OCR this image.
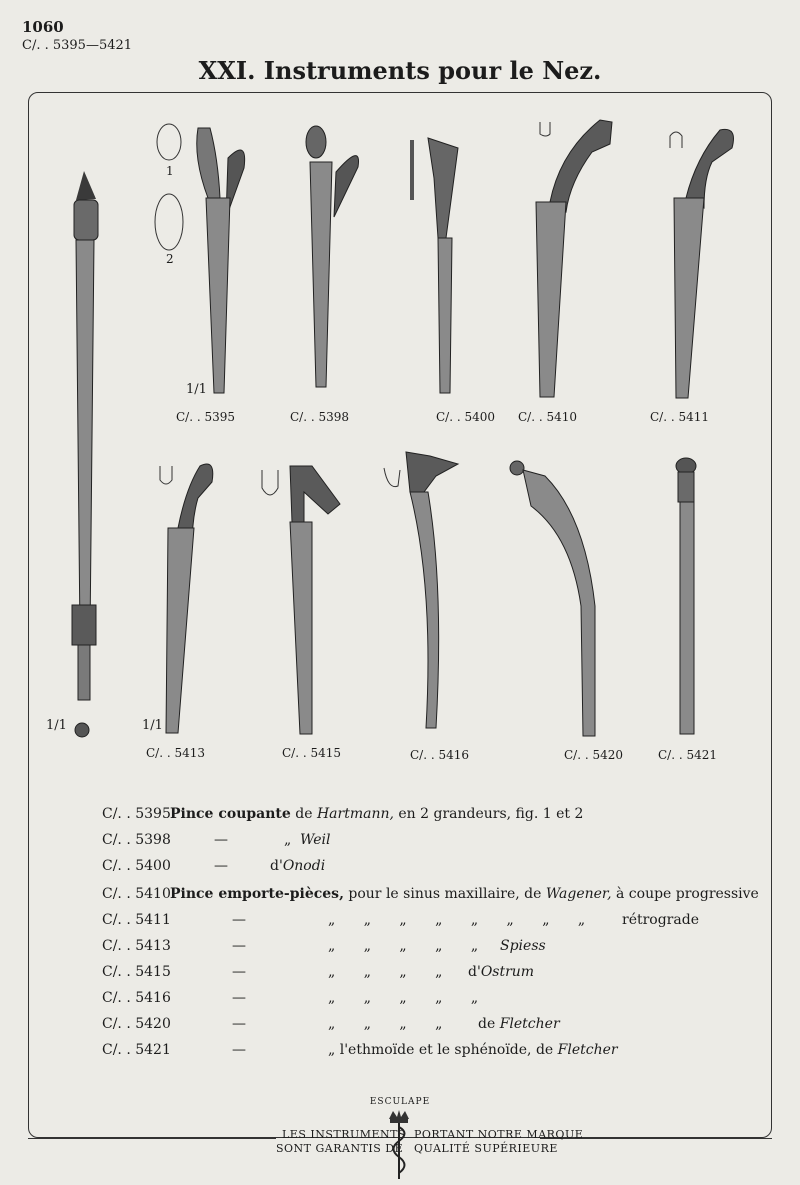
1060
C/. . 5395—5421
XXI. Instruments pour le Nez.
1
2
1/1
1/1
1/1
C/. . 5395	C/. . 5398	C/. . 5400 C/. . 5410	C/. . 5411
C/. . 5413	C/. . 5415	C/. . 5416	C/. . 5420	C/. . 5421
C/. . 5395 Pince coupante de Hartmann, en 2 grandeurs, fig. 1 et 2
C/. . 5398	—	„ Weil
C/. . 5400	—	d'Onodi
C/. . 5410 Pince emporte-pièces, pour le sinus maxillaire, de Wagener, à coupe progressive
C/. . 5411	—	„ „ „ „ „ „ „ „ rétrograde
C/. . 5413	—	„ „ „ „ „ Spiess
C/. . 5415	—	„ „ „ „ d'Ostrum
C/. . 5416	—	„ „ „ „ „
C/. . 5420	—	„ „ „ „ de Fletcher
C/. . 5421	—	„ l'ethmoïde et le sphénoïde, de Fletcher
ESCULAPE
LES INSTRUMENTS
SONT GARANTIS DE
PORTANT NOTRE MARQUE
QUALITÉ SUPÉRIEURE
